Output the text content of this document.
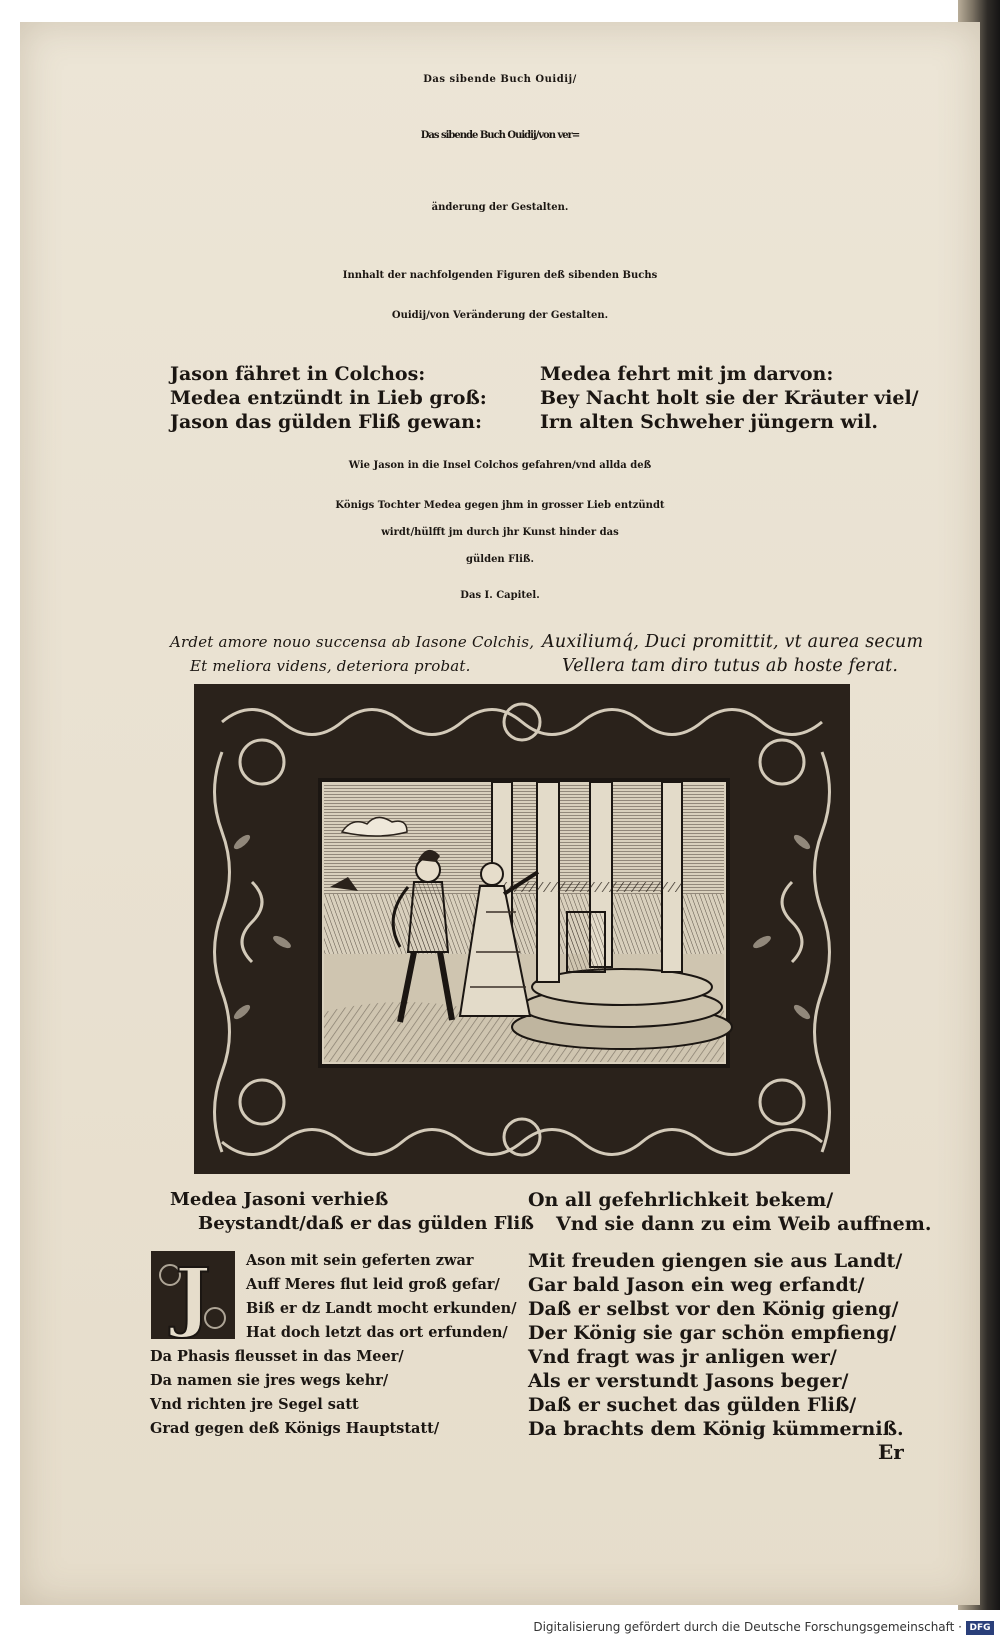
Das sibende Buch Ouidij/
Das sibende Buch Ouidij/von ver=
änderung der Gestalten.
Innhalt der nachfolgenden Figuren deß sibenden Buchs
Ouidij/von Veränderung der Gestalten.
Jason fähret in Colchos:
Medea entzündt in Lieb groß:
Jason das gülden Fliß gewan:
Medea fehrt mit jm darvon:
Bey Nacht holt sie der Kräuter viel/
Irn alten Schweher jüngern wil.
Wie Jason in die Insel Colchos gefahren/vnd allda deß
Königs Tochter Medea gegen jhm in grosser Lieb entzündt
wirdt/hülfft jm durch jhr Kunst hinder das
gülden Fliß.
Das I. Capitel.
Ardet amore nouo succensa ab Iasone Colchis,
Et meliora videns, deteriora probat.
Auxiliumq́, Duci promittit, vt aurea secum
Vellera tam diro tutus ab hoste ferat.
Medea Jasoni verhieß
Beystandt/daß er das gülden Fliß
On all gefehrlichkeit bekem/
Vnd sie dann zu eim Weib auffnem.
J	Ason mit sein geferten zwar
Auff Meres flut leid groß gefar/
Biß er dz Landt mocht erkunden/
Hat doch letzt das ort erfunden/
Da Phasis fleusset in das Meer/
Da namen sie jres wegs kehr/
Vnd richten jre Segel satt
Grad gegen deß Königs Hauptstatt/
Mit freuden giengen sie aus Landt/
Gar bald Jason ein weg erfandt/
Daß er selbst vor den König gieng/
Der König sie gar schön empfieng/
Vnd fragt was jr anligen wer/
Als er verstundt Jasons beger/
Daß er suchet das gülden Fliß/
Da brachts dem König kümmerniß.
Er
Digitalisierung gefördert durch die Deutsche Forschungsgemeinschaft · DFG
